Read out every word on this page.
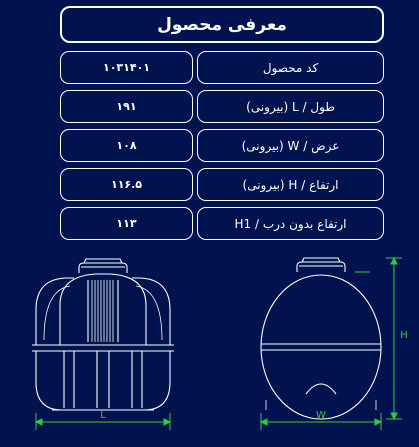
معرفی محصول
۱۰۳۱۴۰۱	کد محصول
۱۹۱	طول / L (بیرونی)
۱۰۸	عرض / W (بیرونی)
۱۱۶.۵	ارتفاع / H (بیرونی)
۱۱۳	ارتفاع بدون درب / H1
L	W
H
